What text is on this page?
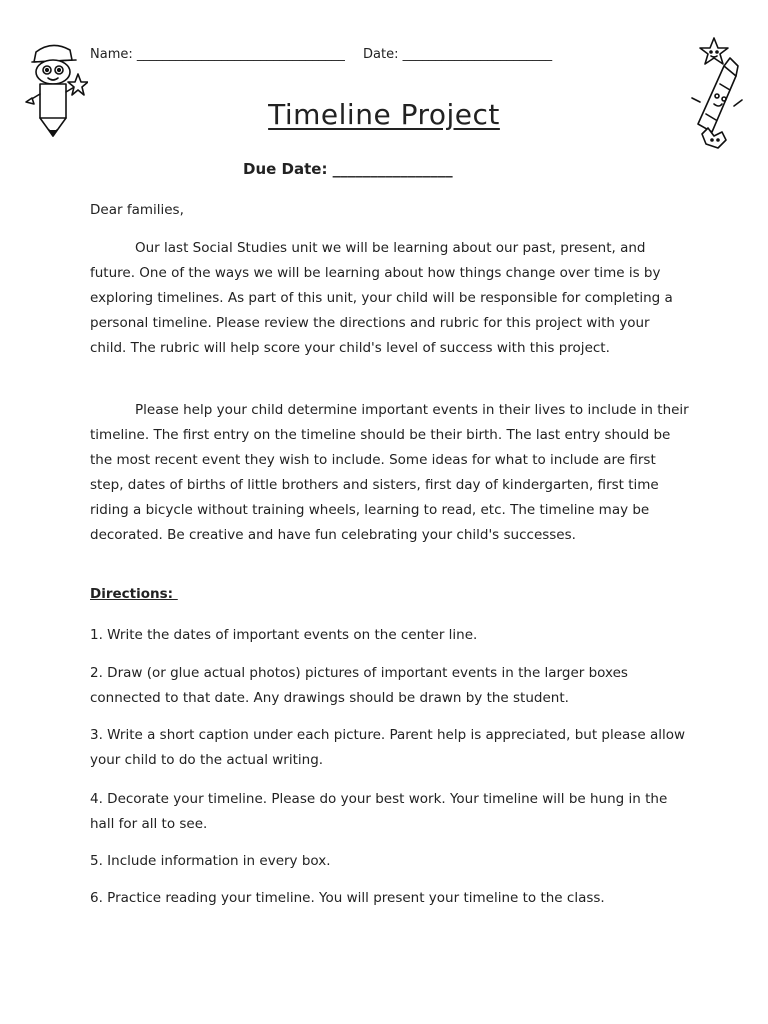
Name: ________________________________ Date: _______________________
Timeline Project
Due Date: ________________
Dear families,
Our last Social Studies unit we will be learning about our past, present, and future. One of the ways we will be learning about how things change over time is by exploring timelines. As part of this unit, your child will be responsible for completing a personal timeline. Please review the directions and rubric for this project with your child. The rubric will help score your child's level of success with this project.
Please help your child determine important events in their lives to include in their timeline. The first entry on the timeline should be their birth. The last entry should be the most recent event they wish to include. Some ideas for what to include are first step, dates of births of little brothers and sisters, first day of kindergarten, first time riding a bicycle without training wheels, learning to read, etc. The timeline may be decorated. Be creative and have fun celebrating your child's successes.
Directions:
1. Write the dates of important events on the center line.
2. Draw (or glue actual photos) pictures of important events in the larger boxes connected to that date. Any drawings should be drawn by the student.
3. Write a short caption under each picture. Parent help is appreciated, but please allow your child to do the actual writing.
4. Decorate your timeline. Please do your best work. Your timeline will be hung in the hall for all to see.
5. Include information in every box.
6. Practice reading your timeline. You will present your timeline to the class.
